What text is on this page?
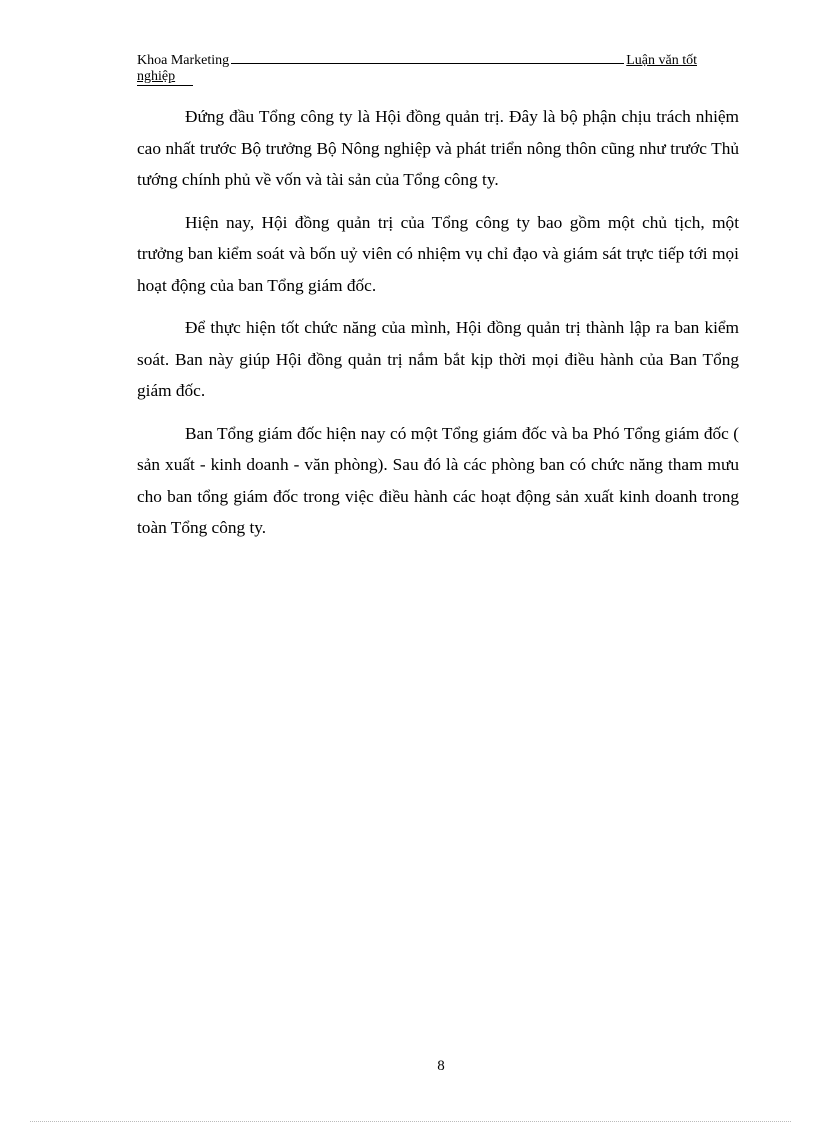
Khoa Marketing	Luận văn tốt
nghiệp

Đứng đầu Tổng công ty là Hội đồng quản trị. Đây là bộ phận chịu trách nhiệm cao nhất trước Bộ trưởng Bộ Nông nghiệp và phát triển nông thôn cũng như trước Thủ tướng chính phủ về vốn và tài sản của Tổng công ty.

Hiện nay, Hội đồng quản trị của Tổng công ty bao gồm một chủ tịch, một trưởng ban kiểm soát và bốn uỷ viên có nhiệm vụ chỉ đạo và giám sát trực tiếp tới mọi hoạt động của ban Tổng giám đốc.

Để thực hiện tốt chức năng của mình, Hội đồng quản trị thành lập ra ban kiểm soát. Ban này giúp Hội đồng quản trị nắm bắt kịp thời mọi điều hành của Ban Tổng giám đốc.

Ban Tổng giám đốc hiện nay có một Tổng giám đốc và ba Phó Tổng giám đốc ( sản xuất - kinh doanh - văn phòng). Sau đó là các phòng ban có chức năng tham mưu cho ban tổng giám đốc trong việc điều hành các hoạt động sản xuất kinh doanh trong toàn Tổng công ty.

8
